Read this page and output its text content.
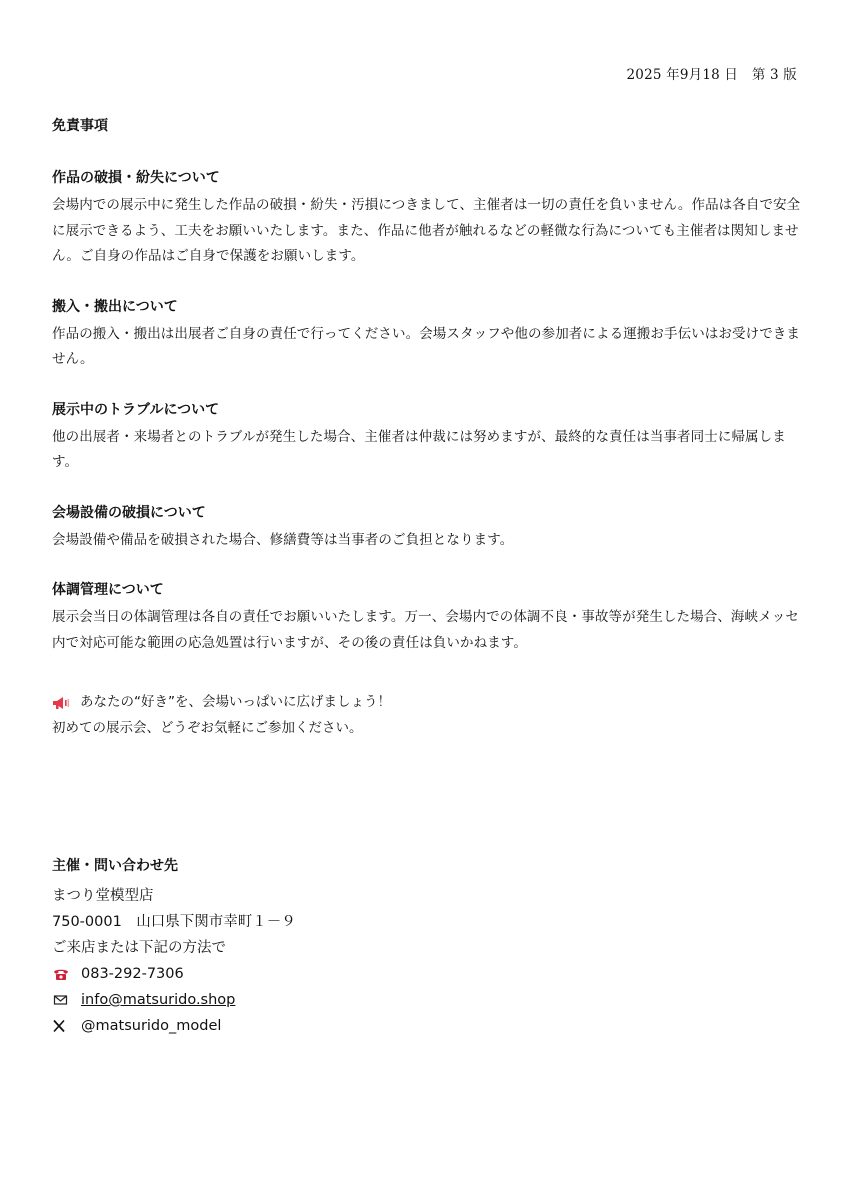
2025 年9月18 日　第 3 版
免責事項
作品の破損・紛失について

会場内での展示中に発生した作品の破損・紛失・汚損につきまして、主催者は一切の責任を負いません。作品は各自で安全に展示できるよう、工夫をお願いいたします。また、作品に他者が触れるなどの軽微な行為についても主催者は関知しません。ご自身の作品はご自身で保護をお願いします。

搬入・搬出について

作品の搬入・搬出は出展者ご自身の責任で行ってください。会場スタッフや他の参加者による運搬お手伝いはお受けできません。

展示中のトラブルについて

他の出展者・来場者とのトラブルが発生した場合、主催者は仲裁には努めますが、最終的な責任は当事者同士に帰属します。

会場設備の破損について

会場設備や備品を破損された場合、修繕費等は当事者のご負担となります。

体調管理について

展示会当日の体調管理は各自の責任でお願いいたします。万一、会場内での体調不良・事故等が発生した場合、海峡メッセ内で対応可能な範囲の応急処置は行いますが、その後の責任は負いかねます。

あなたの“好き”を、会場いっぱいに広げましょう！
初めての展示会、どうぞお気軽にご参加ください。
主催・問い合わせ先
まつり堂模型店
750-0001　山口県下関市幸町１－９
ご来店または下記の方法で
083-292-7306
info@matsurido.shop
@matsurido_model
